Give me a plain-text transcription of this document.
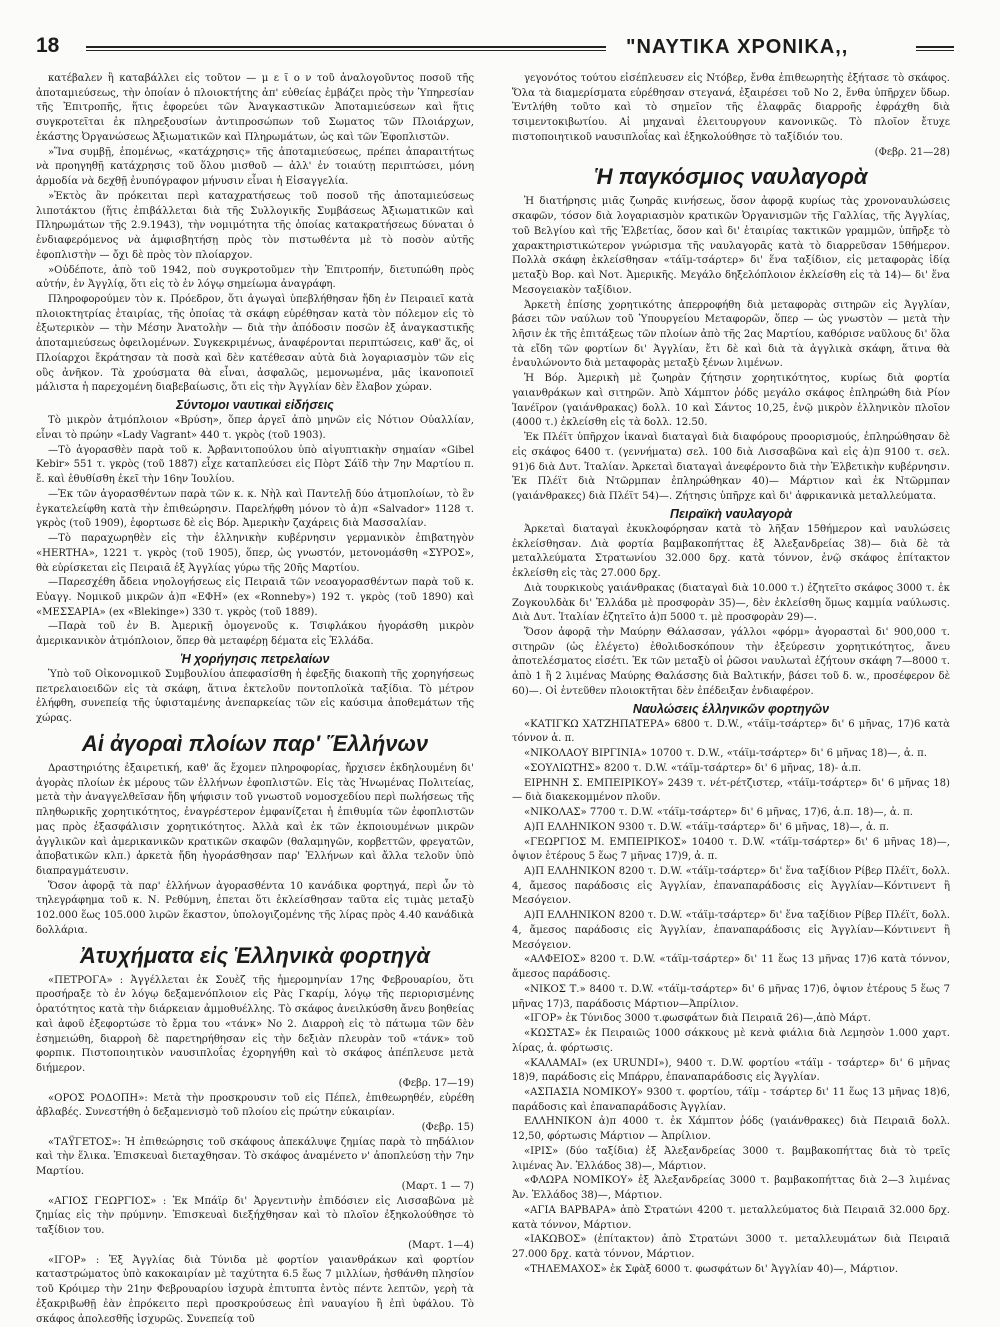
18	"ΝΑΥΤΙΚΑ ΧΡΟΝΙΚΑ,,

κατέβαλεν ἢ καταβάλλει εἰς τοῦτον — μ ε ῖ ο ν τοῦ ἀναλογοῦντος ποσοῦ τῆς ἀποταμιεύσεως, τὴν ὁποίαν ὁ πλοιοκτήτης ἀπ' εὐθείας ἐμβάζει πρὸς τὴν Ὑπηρεσίαν τῆς Ἐπιτροπῆς, ἥτις ἐφορεύει τῶν Ἀναγκαστικῶν Ἀποταμιεύσεων καὶ ἥτις συγκροτεῖται ἐκ πληρεξουσίων ἀντιπροσώπων τοῦ Σωματος τῶν Πλοιάρχων, ἑκάστης Ὀργανώσεως Ἀξιωματικῶν καὶ Πληρωμάτων, ὡς καὶ τῶν Ἐφοπλιστῶν.

»Ἵνα συμβῇ, ἑπομένως, «κατάχρησις» τῆς ἀποταμιεύσεως, πρέπει ἀπαραιτήτως νὰ προηγηθῇ κατάχρησις τοῦ ὅλου μισθοῦ — ἀλλ' ἐν τοιαύτῃ περιπτώσει, μόνη ἁρμοδία νὰ δεχθῇ ἐνυπόγραφον μήνυσιν εἶναι ἡ Εἰσαγγελία.

»Ἐκτὸς ἂν πρόκειται περὶ καταχρατήσεως τοῦ ποσοῦ τῆς ἀποταμιεύσεως λιποτάκτου (ἥτις ἐπιβάλλεται διὰ τῆς Συλλογικῆς Συμβάσεως Ἀξιωματικῶν καὶ Πληρωμάτων τῆς 2.9.1943), τὴν νομιμότητα τῆς ὁποίας κατακρατήσεως δύναται ὁ ἐνδιαφερόμενος νὰ ἀμφισβητήσῃ πρὸς τὸν πιστωθέντα μὲ τὸ ποσὸν αὐτῆς ἐφοπλιστὴν — ὄχι δὲ πρὸς τὸν πλοίαρχον.

»Οὐδέποτε, ἀπὸ τοῦ 1942, ποὺ συγκροτοῦμεν τὴν Ἐπιτροπήν, διετυπώθη πρὸς αὐτήν, ἐν Ἀγγλίᾳ, ὅτι εἰς τὸ ἐν λόγῳ σημείωμα ἀναγράφη.

Πληροφορούμεν τὸν κ. Πρόεδρον, ὅτι ἀγωγαὶ ὑπεβλήθησαν ἤδη ἐν Πειραιεῖ κατὰ πλοιοκτητρίας ἑταιρίας, τῆς ὁποίας τὰ σκάφη εὑρέθησαν κατὰ τὸν πόλεμον εἰς τὸ ἐξωτερικὸν — τὴν Μέσην Ἀνατολὴν — διὰ τὴν ἀπόδοσιν ποσῶν ἐξ ἀναγκαστικῆς ἀποταμιεύσεως ὀφειλομένων. Συγκεκριμένως, ἀναφέρονται περιπτώσεις, καθ' ἅς, οἱ Πλοίαρχοι ἔκράτησαν τὰ ποσὰ καὶ δὲν κατέθεσαν αὐτὰ διὰ λογαριασμὸν τῶν εἰς οὓς ἀνῆκον. Τὰ χρούσματα θὰ εἶναι, ἀσφαλῶς, μεμονωμένα, μᾶς ἱκανοποιεῖ μάλιστα ἡ παρεχομένη διαβεβαίωσις, ὅτι εἰς τὴν Ἀγγλίαν δὲν ἔλαβον χώραν.

Σύντομοι ναυτικαὶ εἰδήσεις

Τὸ μικρὸν ἀτμόπλοιον «Βρύση», ὅπερ ἀργεῖ ἀπὸ μηνῶν εἰς Νότιον Οὐαλλίαν, εἶναι τὸ πρώην «Lady Vagrant» 440 τ. γκρὸς (τοῦ 1903).

—Τὸ ἀγορασθὲν παρὰ τοῦ κ. Ἀρβανιτοπούλου ὑπὸ αἰγυπτιακὴν σημαίαν «Gibel Kebir» 551 τ. γκρὸς (τοῦ 1887) εἶχε καταπλεύσει εἰς Πὸρτ Σάϊδ τὴν 7ην Μαρτίου π. ἔ. καὶ ἐθυθίσθη ἐκεῖ τὴν 16ην Ἰουλίου.

—Ἐκ τῶν ἀγορασθέντων παρὰ τῶν κ. κ. Νὴλ καὶ Παντελῇ δύο ἀτμοπλοίων, τὸ ἓν ἐγκατελείφθη κατὰ τὴν ἐπιθεώρησιν. Παρελήφθη μόνον τὸ ἀ)π «Salvador» 1128 τ. γκρὸς (τοῦ 1909), ἐφορτωσε δὲ εἰς Βόρ. Ἀμερικὴν ζαχάρεις διὰ Μασσαλίαν.

—Τὸ παραχωρηθὲν εἰς τὴν ἑλληνικὴν κυβέρνησιν γερμανικὸν ἐπιβατηγὸν «HERTHA», 1221 τ. γκρὸς (τοῦ 1905), ὅπερ, ὡς γνωστόν, μετονομάσθη «ΣΥΡΟΣ», θὰ εὑρίσκεται εἰς Πειραιᾶ ἐξ Ἀγγλίας γύρω τῆς 20ῆς Μαρτίου.

—Παρεσχέθη ἄδεια νηολογήσεως εἰς Πειραιᾶ τῶν νεοαγορασθέντων παρὰ τοῦ κ. Εὐαγγ. Νομικοῦ μικρῶν ἀ)π «ΕΦΗ» (ex «Ronneby») 192 τ. γκρὸς (τοῦ 1890) καὶ «ΜΕΣΣΑΡΙΑ» (ex «Blekinge») 330 τ. γκρὸς (τοῦ 1889).

—Παρὰ τοῦ ἐν Β. Ἀμερικῇ ὁμογενοῦς κ. Τσιφλάκου ἠγοράσθη μικρὸν ἀμερικανικὸν ἀτμόπλοιον, ὅπερ θὰ μεταφέρῃ δέματα εἰς Ἑλλάδα.

Ἡ χορήγησις πετρελαίων

Ὑπὸ τοῦ Οἰκονομικοῦ Συμβουλίου ἀπεφασίσθη ἡ ἐφεξῆς διακοπὴ τῆς χορηγήσεως πετρελαιοειδῶν εἰς τὰ σκάφη, ἅτινα ἐκτελοῦν ποντοπλοϊκὰ ταξίδια. Τὸ μέτρον ἐλήφθη, συνεπείᾳ τῆς ὑφισταμένης ἀνεπαρκείας τῶν εἰς καύσιμα ἀποθεμάτων τῆς χώρας.

Αἱ ἀγοραὶ πλοίων παρ' Ἕλλήνων

Δραστηριότης ἐξαιρετική, καθ' ἅς ἔχομεν πληροφορίας, ἤρχισεν ἐκδηλουμένη δι' ἀγορὰς πλοίων ἐκ μέρους τῶν ἑλλήνων ἐφοπλιστῶν. Εἰς τὰς Ἡνωμένας Πολιτείας, μετὰ τὴν ἀναγγελθεῖσαν ἤδη ψήφισιν τοῦ γνωστοῦ νομοσχεδίου περὶ πωλήσεως τῆς πληθωρικῆς χορητικότητος, ἐναγρέστερον ἐμφανίζεται ἡ ἐπιθυμία τῶν ἐφοπλιστῶν μας πρὸς ἐξασφάλισιν χορητικότητος. Ἀλλὰ καὶ ἐκ τῶν ἐκποιουμένων μικρῶν ἀγγλικῶν καὶ ἀμερικανικῶν κρατικῶν σκαφῶν (θαλαμηγῶν, κορβεττῶν, φρεγατῶν, ἀποβατικῶν κλπ.) ἀρκετὰ ἤδη ἠγοράσθησαν παρ' Ἑλλήνων καὶ ἄλλα τελοῦν ὑπὸ διαπραγμάτευσιν.

Ὅσον ἀφορᾷ τὰ παρ' ἑλλήνων ἀγορασθέντα 10 κανάδικα φορτηγά, περὶ ὧν τὸ τηλεγράφημα τοῦ κ. Ν. Ρεθύμνη, ἐπεται ὅτι ἐκλείσθησαν ταῦτα εἰς τιμὰς μεταξὺ 102.000 ἕως 105.000 λιρῶν ἕκαστον, ὑπολογιζομένης τῆς λίρας πρὸς 4.40 κανάδικὰ δολλάρια.

Ἀτυχήματα εἰς Ἑλληνικὰ φορτηγὰ

«ΠΕΤΡΟΓΑ» : Ἀγγέλλεται ἐκ Σουὲζ τῆς ἡμερομηνίαν 17ης Φεβρουαρίου, ὅτι προσήραξε τὸ ἐν λόγῳ δεξαμενόπλοιον εἰς Ρὰς Γκαρίμ, λόγῳ τῆς περιορισμένης ὁρατότητος κατὰ τὴν διάρκειαν ἀμμοθυέλλης. Τὸ σκάφος ἀνειλκύσθη ἄνευ βοηθείας καὶ ἀφοῦ ἐξεφορτώσε τὸ ἔρμα του «τάνκ» Νο 2. Διαρροὴ εἰς τὸ πάτωμα τῶν δὲν ἐσημειώθη, διαρροὴ δὲ παρετηρήθησαν εἰς τὴν δεξιὰν πλευρὰν τοῦ «τάνκ» τοῦ φορπικ. Πιστοποιητικὸν ναυσιπλοΐας ἐχορηγήθη καὶ τὸ σκάφος ἀπέπλευσε μετὰ διήμερον.

(Φεβρ. 17—19)

«ΟΡΟΣ ΡΟΔΟΠΗ»: Μετὰ τὴν προσκρουσιν τοῦ εἰς Πέπελ, ἐπιθεωρηθέν, εὑρέθη ἀβλαβές. Συνεστήθη ὁ δεξαμενισμὸ τοῦ πλοίου εἰς πρώτην εὐκαιρίαν.

(Φεβρ. 15)

«ΤΑΫΓΕΤΟΣ»: Ἡ ἐπιθεώρησις τοῦ σκάφους ἀπεκάλυψε ζημίας παρὰ τὸ πηδάλιον καὶ τὴν ἕλικα. Ἐπισκευαὶ διεταχθησαν. Τὸ σκάφος ἀναμένετο ν' ἀποπλεύσῃ τὴν 7ην Μαρτίου.

(Μαρτ. 1 — 7)

«ΑΓΙΟΣ ΓΕΩΡΓΙΟΣ» : Ἐκ Μπάϊρ δι' Ἀργεντινὴν ἐπιδόσιεν εἰς Λισσαβῶνα μὲ ζημίας εἰς τὴν πρύμνην. Ἐπισκευαὶ διεξήχθησαν καὶ τὸ πλοῖον ἐξηκολούθησε τὸ ταξίδιον του.

(Μαρτ. 1—4)

«ΙΓΟΡ» : Ἐξ Ἀγγλίας διὰ Τύνιδα μὲ φορτίον γαιανθράκων καὶ φορτίον καταστρώματος ὑπὸ κακοκαιρίαν μὲ ταχύτητα 6.5 ἕως 7 μιλλίων, ἠσθάνθη πλησίον τοῦ Κρόιμερ τὴν 21ην Φεβρουαρίου ἰσχυρὰ ἐπιτυπτα ἐντὸς πέντε λεπτῶν, γερὴ τὰ ἐξακριβωθῇ ἐὰν ἐπρόκειτο περὶ προσκρούσεως ἐπὶ ναυαγίου ἢ ἐπὶ ὑφάλου. Τὸ σκάφος ἀπολεσθῆς ἰσχυρῶς. Συνεπείᾳ τοῦ

γεγονότος τούτου εἰσέπλευσεν εἰς Ντόβερ, ἔνθα ἐπιθεωρητὴς ἐξήτασε τὸ σκάφος. Ὅλα τὰ διαμερίσματα εὑρέθησαν στεγανά, ἐξαιρέσει τοῦ Νο 2, ἔνθα ὑπῆρχεν ὕδωρ. Ἐντλήθη τοῦτο καὶ τὸ σημεῖον τῆς ἐλαφρᾶς διαρροῆς ἐφράχθη διὰ τσιμεντοκιβωτίου. Αἱ μηχαναὶ ἐλειτουργουν κανονικῶς. Τὸ πλοῖον ἔτυχε πιστοποιητικοῦ ναυσιπλοΐας καὶ ἐξηκολούθησε τὸ ταξίδιόν του.

(Φεβρ. 21—28)

Ἡ παγκόσμιος ναυλαγορὰ

Ἡ διατήρησις μιᾶς ζωηρᾶς κινήσεως, ὅσον ἀφορᾷ κυρίως τὰς χρονοναυλώσεις σκαφῶν, τόσον διὰ λογαριασμὸν κρατικῶν Ὀργανισμῶν τῆς Γαλλίας, τῆς Ἀγγλίας, τοῦ Βελγίου καὶ τῆς Ἑλβετίας, ὅσον καὶ δι' ἑταιρίας τακτικῶν γραμμῶν, ὑπῆρξε τὸ χαρακτηριστικώτερον γνώρισμα τῆς ναυλαγορᾶς κατὰ τὸ διαρρεῦσαν 15θήμερον. Πολλὰ σκάφη ἐκλείσθησαν «τάϊμ-τσάρτερ» δι' ἕνα ταξίδιον, εἰς μεταφορὰς ἰδίᾳ μεταξὺ Βορ. καὶ Νοτ. Ἀμερικῆς. Μεγάλο δηξελόπλοιον ἐκλείσθη εἰς τὰ 14)— δι' ἕνα Μεσογειακὸν ταξίδιον.

Ἀρκετὴ ἐπίσης χορητικότης ἀπερροφήθη διὰ μεταφορὰς σιτηρῶν εἰς Ἀγγλίαν, βάσει τῶν ναύλων τοῦ Ὑπουργείου Μεταφορῶν, ὅπερ — ὡς γνωστὸν — μετὰ τὴν λῆσιν ἐκ τῆς ἐπιτάξεως τῶν πλοίων ἀπὸ τῆς 2ας Μαρτίου, καθόρισε ναῦλους δι' ὅλα τὰ εἴδη τῶν φορτίων δι' Ἀγγλίαν, ἔτι δὲ καὶ διὰ τὰ ἀγγλικὰ σκάφη, ἅτινα θὰ ἐναυλώνοντο διὰ μεταφορὰς μεταξὺ ξένων λιμένων.

Ἡ Βόρ. Ἀμερικὴ μὲ ζωηρὰν ζήτησιν χορητικότητος, κυρίως διὰ φορτία γαιανθράκων καὶ σιτηρῶν. Ἀπὸ Χάμπτον ῥόδς μεγάλο σκάφος ἐπληρώθη διὰ Ρίον Ἰανέϊρον (γαιάνθρακας) δολλ. 10 καὶ Σάντος 10,25, ἐνῷ μικρὸν ἑλληνικὸν πλοῖον (4000 τ.) ἐκλείσθη εἰς τὰ δολλ. 12.50.

Ἐκ Πλέϊτ ὑπῆρχον ἱκαναὶ διαταγαὶ διὰ διαφόρους προορισμούς, ἐπληρώθησαν δὲ εἰς σκάφος 6400 τ. (γεννήματα) σελ. 100 διὰ Λισσαβῶνα καὶ εἰς ἀ)π 9100 τ. σελ. 91)6 διὰ Δυτ. Ἰταλίαν. Ἀρκεταὶ διαταγαὶ ἀνεφέροντο διὰ τὴν Ἑλβετικὴν κυβέρνησιν. Ἐκ Πλέϊτ διὰ Ντῶρμπαν ἐπληρώθηκαν 40)— Μάρτιον καὶ ἐκ Ντῶρμπαν (γαιάνθρακες) διὰ Πλέϊτ 54)—. Ζήτησις ὑπῆρχε καὶ δι' ἀφρικανικὰ μεταλλεύματα.

Πειραϊκὴ ναυλαγορὰ

Ἀρκεταὶ διαταγαὶ ἐκυκλοφόρησαν κατὰ τὸ λῆξαν 15θήμερον καὶ ναυλώσεις ἐκλείσθησαν. Διὰ φορτία βαμβακοπήττας ἐξ Ἀλεξανδρείας 38)— διὰ δὲ τὰ μεταλλεύματα Στρατωνίου 32.000 δρχ. κατὰ τόννον, ἐνῷ σκάφος ἐπίτακτον ἐκλείσθη εἰς τὰς 27.000 δρχ.

Διὰ τουρκικοὺς γαιάνθρακας (διαταγαὶ διὰ 10.000 τ.) ἐζητεῖτο σκάφος 3000 τ. ἐκ Ζογκουλδὰκ δι' Ἑλλάδα μὲ προσφορὰν 35)—, δὲν ἐκλείσθη ὅμως καμμία ναύλωσις. Διὰ Δυτ. Ἰταλίαν ἐζητεῖτο ἀ)π 5000 τ. μὲ προσφορὰν 29)—.

Ὅσον ἀφορᾷ τὴν Μαύρην Θάλασσαν, γάλλοι «φόρμ» ἀγορασταὶ δι' 900,000 τ. σιτηρῶν (ὡς ἐλέγετο) ἐθολιδοσκόπουν τὴν ἐξεύρεσιν χορητικότητος, ἄνευ ἀποτελέσματος εἰσέτι. Ἐκ τῶν μεταξὺ οἱ ῥῶσοι ναυλωταὶ ἐζήτουν σκάφη 7—8000 τ. ἀπὸ 1 ἢ 2 λιμένας Μαύρης Θαλάσσης διὰ Βαλτικήν, βάσει τοῦ δ. w., προσέφερον δὲ 60)—. Οἱ ἐντεῦθεν πλοιοκτῆται δὲν ἐπέδειξαν ἐνδιαφέρον.

Ναυλώσεις ἑλληνικῶν φορτηγῶν

«ΚΑΤΙΓΚΩ ΧΑΤΖΗΠΑΤΕΡΑ» 6800 τ. D.W., «τάϊμ-τσάρτερ» δι' 6 μῆνας, 17)6 κατὰ τόννον ἀ. π.

«ΝΙΚΟΛΑΟΥ ΒΙΡΓΙΝΙΑ» 10700 τ. D.W., «τάϊμ-τσάρτερ» δι' 6 μῆνας 18)—, ἀ. π.

«ΣΟΥΛΙΩΤΗΣ» 8200 τ. D.W. «τάϊμ-τσάρτερ» δι' 6 μῆνας, 18)- ἀ.π.

ΕΙΡΗΝΗ Σ. ΕΜΠΕΙΡΙΚΟΥ» 2439 τ. νέτ-ρέτζιστερ, «τάϊμ-τσάρτερ» δι' 6 μῆνας 18)— διὰ διακεκομμένον πλοῦν.

«ΝΙΚΟΛΑΣ» 7700 τ. D.W. «τάϊμ-τσάρτερ» δι' 6 μῆνας, 17)6, ἀ.π. 18)—, ἀ. π.

Α)Π ΕΛΛΗΝΙΚΟΝ 9300 τ. D.W. «τάϊμ-τσάρτερ» δι' 6 μῆνας, 18)—, ἀ. π.

«ΓΕΩΡΓΙΟΣ Μ. ΕΜΠΕΙΡΙΚΟΣ» 10400 τ. D.W. «τάϊμ-τσάρτερ» δι' 6 μῆνας 18)—, ὀψιον ἑτέρους 5 ἕως 7 μῆνας 17)9, ἀ. π.

Α)Π ΕΛΛΗΝΙΚΟΝ 8200 τ. D.W. «τάϊμ-τσάρτερ» δι' ἕνα ταξίδιον Ρίβερ Πλέϊτ, δολλ. 4, ἄμεσος παράδοσις εἰς Ἀγγλίαν, ἐπαναπαράδοσις εἰς Ἀγγλίαν—Κόντινεντ ἢ Μεσόγειον.

Α)Π ΕΛΛΗΝΙΚΟΝ 8200 τ. D.W. «τάϊμ-τσάρτερ» δι' ἕνα ταξίδιον Ρίβερ Πλέϊτ, δολλ. 4, ἄμεσος παράδοσις εἰς Ἀγγλίαν, ἐπαναπαράδοσις εἰς Ἀγγλίαν—Κόντινεντ ἢ Μεσόγειον.

«ΑΛΦΕΙΟΣ» 8200 τ. D.W. «τάϊμ-τσάρτερ» δι' 11 ἕως 13 μῆνας 17)6 κατὰ τόννον, ἄμεσος παράδοσις.

«ΝΙΚΟΣ Τ.» 8400 τ. D.W. «τάϊμ-τσάρτερ» δι' 6 μῆνας 17)6, ὀψιον ἑτέρους 5 ἕως 7 μῆνας 17)3, παράδοσις Μάρτιον—Ἀπρίλιον.

«ΙΓΟΡ» ἐκ Τύνιδος 3000 τ.φωσφάτων διὰ Πειραιᾶ 26)—,ἀπὸ Μάρτ.

«ΚΩΣΤΑΣ» ἐκ Πειραιῶς 1000 σάκκους μὲ κενὰ φιάλια διὰ Λεμησὸν 1.000 χαρτ. λίρας, ἀ. φόρτωσις.

«ΚΑΛΑΜΑΙ» (ex URUNDI»), 9400 τ. D.W. φορτίου «τάϊμ - τσάρτερ» δι' 6 μῆνας 18)9, παράδοσις εἰς Μπάρρυ, ἐπαναπαράδοσις εἰς Ἀγγλίαν.

«ΑΣΠΑΣΙΑ ΝΟΜΙΚΟΥ» 9300 τ. φορτίου, τάϊμ - τσάρτερ δι' 11 ἕως 13 μῆνας 18)6, παράδοσις καὶ ἐπαναπαράδοσις Ἀγγλίαν.

ΕΛΛΗΝΙΚΟΝ ἀ)π 4000 τ. ἐκ Χάμπτον ῥόδς (γαιάνθρακες) διὰ Πειραιᾶ δολλ. 12,50, φόρτωσις Μάρτιον — Ἀπρίλιον.

«ΙΡΙΣ» (δύο ταξίδια) ἐξ Ἀλεξανδρείας 3000 τ. βαμβακοπήττας διὰ τὸ τρεῖς λιμένας Ἀν. Ἑλλάδος 38)—, Μάρτιον.

«ΦΛΩΡΑ ΝΟΜΙΚΟΥ» ἐξ Ἀλεξανδρείας 3000 τ. βαμβακοπήττας διὰ 2—3 λιμένας Ἀν. Ἑλλάδος 38)—, Μάρτιον.

«ΑΓΙΑ ΒΑΡΒΑΡΑ» ἀπὸ Στρατώνι 4200 τ. μεταλλεύματος διὰ Πειραιᾶ 32.000 δρχ. κατὰ τόννον, Μάρτιον.

«ΙΑΚΩΒΟΣ» (ἐπίτακτον) ἀπὸ Στρατώνι 3000 τ. μεταλλευμάτων διὰ Πειραιᾶ 27.000 δρχ. κατὰ τόννον, Μάρτιον.

«ΤΗΛΕΜΑΧΟΣ» ἐκ Σφὰξ 6000 τ. φωσφάτων δι' Ἀγγλίαν 40)—, Μάρτιον.
